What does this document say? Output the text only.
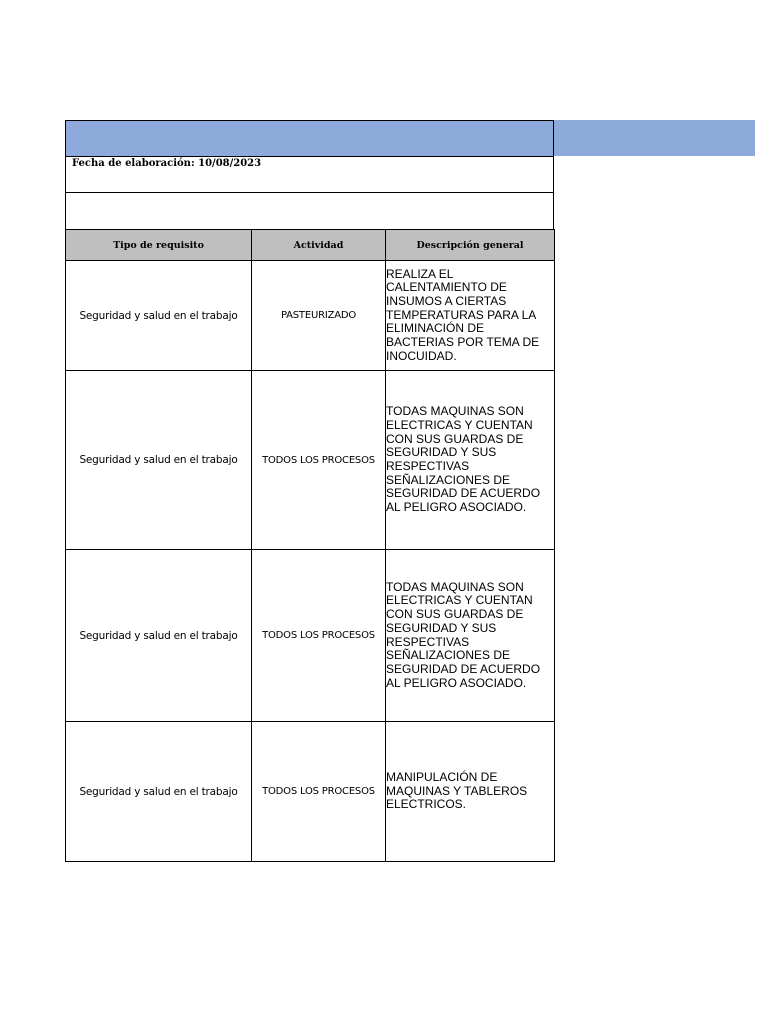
Fecha de elaboración: 10/08/2023
Tipo de requisito	Actividad	Descripción general
Seguridad y salud en el trabajo	PASTEURIZADO	REALIZA EL CALENTAMIENTO DE INSUMOS A CIERTAS TEMPERATURAS PARA LA ELIMINACIÓN DE BACTERIAS POR TEMA DE INOCUIDAD.
Seguridad y salud en el trabajo	TODOS LOS PROCESOS	TODAS MAQUINAS SON ELECTRICAS Y CUENTAN CON SUS GUARDAS DE SEGURIDAD Y SUS RESPECTIVAS SEÑALIZACIONES DE SEGURIDAD DE ACUERDO AL PELIGRO ASOCIADO.
Seguridad y salud en el trabajo	TODOS LOS PROCESOS	TODAS MAQUINAS SON ELECTRICAS Y CUENTAN CON SUS GUARDAS DE SEGURIDAD Y SUS RESPECTIVAS SEÑALIZACIONES DE SEGURIDAD DE ACUERDO AL PELIGRO ASOCIADO.
Seguridad y salud en el trabajo	TODOS LOS PROCESOS	MANIPULACIÓN DE MAQUINAS Y TABLEROS ELECTRICOS.
